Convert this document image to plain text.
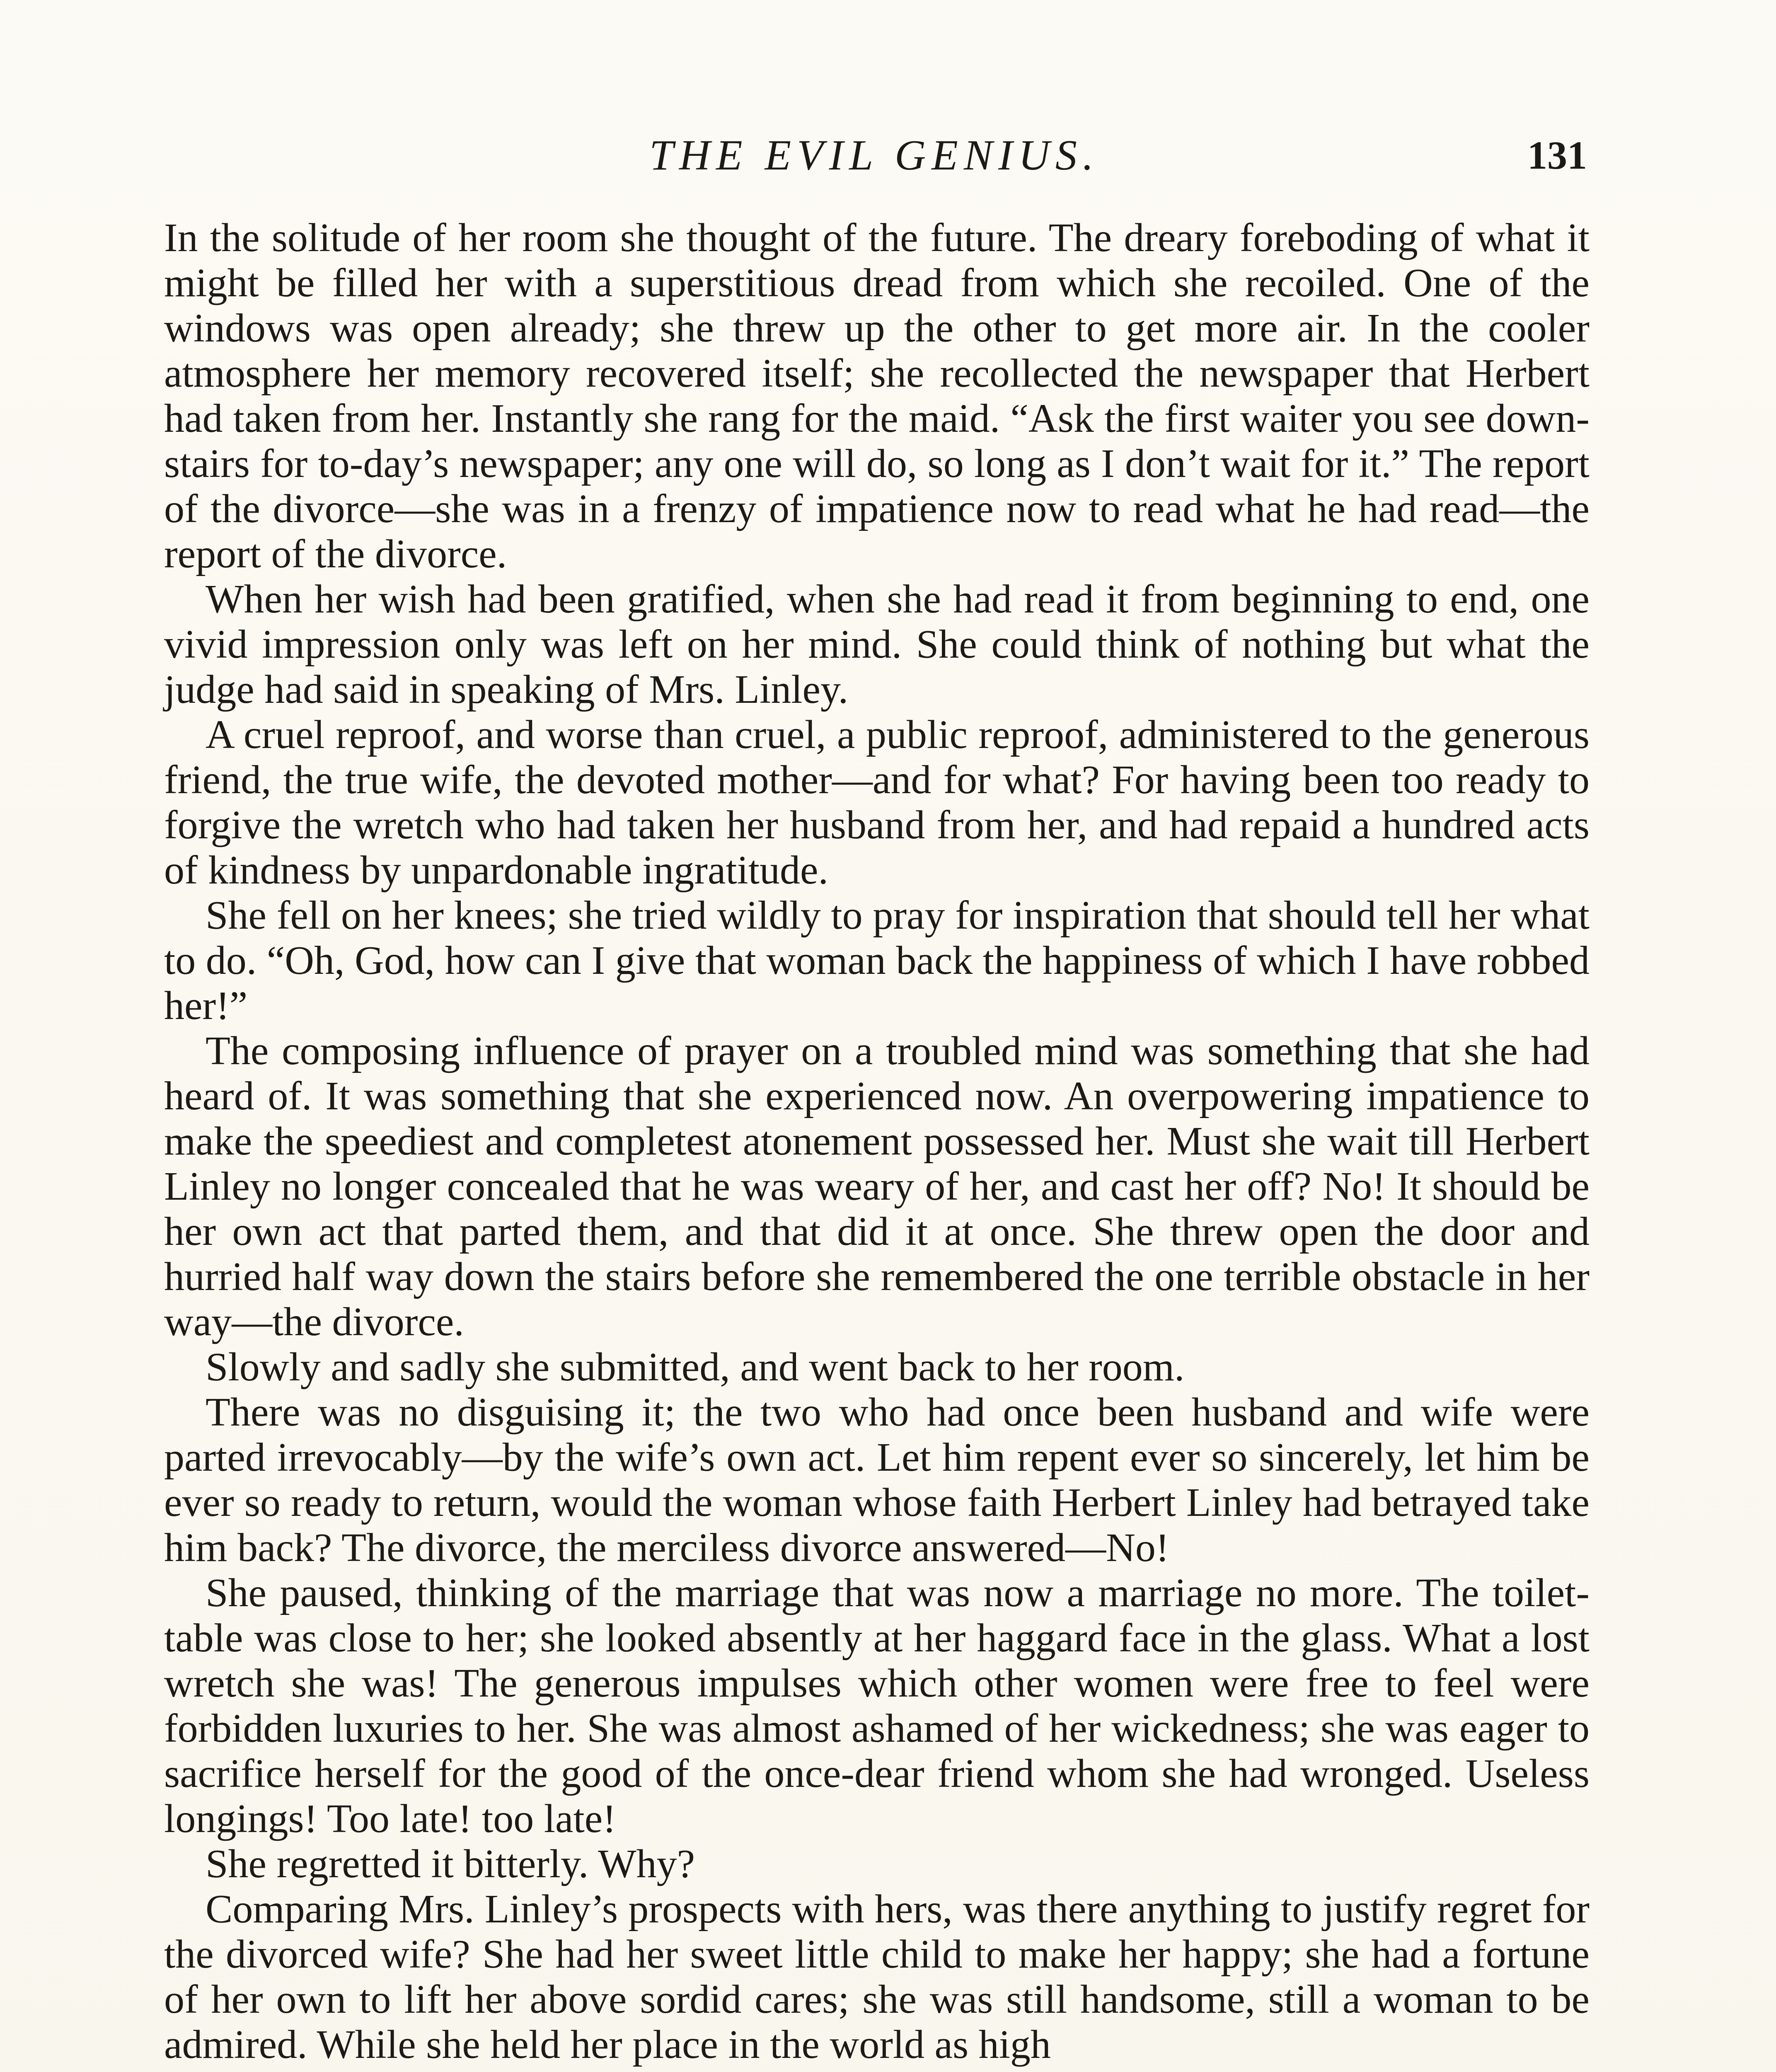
THE EVIL GENIUS.	131

In the solitude of her room she thought of the future. The dreary foreboding of what it might be filled her with a superstitious dread from which she recoiled. One of the windows was open already; she threw up the other to get more air. In the cooler atmosphere her memory recovered itself; she recollected the newspaper that Herbert had taken from her. Instantly she rang for the maid. “Ask the first waiter you see down-stairs for to-day’s newspaper; any one will do, so long as I don’t wait for it.” The report of the divorce—she was in a frenzy of impatience now to read what he had read—the report of the divorce.

When her wish had been gratified, when she had read it from beginning to end, one vivid impression only was left on her mind. She could think of nothing but what the judge had said in speaking of Mrs. Linley.

A cruel reproof, and worse than cruel, a public reproof, administered to the generous friend, the true wife, the devoted mother—and for what? For having been too ready to forgive the wretch who had taken her husband from her, and had repaid a hundred acts of kindness by unpardonable ingratitude.

She fell on her knees; she tried wildly to pray for inspiration that should tell her what to do. “Oh, God, how can I give that woman back the happiness of which I have robbed her!”

The composing influence of prayer on a troubled mind was something that she had heard of. It was something that she experienced now. An overpowering impatience to make the speediest and completest atonement possessed her. Must she wait till Herbert Linley no longer concealed that he was weary of her, and cast her off? No! It should be her own act that parted them, and that did it at once. She threw open the door and hurried half way down the stairs before she remembered the one terrible obstacle in her way—the divorce.

Slowly and sadly she submitted, and went back to her room.

There was no disguising it; the two who had once been husband and wife were parted irrevocably—by the wife’s own act. Let him repent ever so sincerely, let him be ever so ready to return, would the woman whose faith Herbert Linley had betrayed take him back? The divorce, the merciless divorce answered—No!

She paused, thinking of the marriage that was now a marriage no more. The toilet-table was close to her; she looked absently at her haggard face in the glass. What a lost wretch she was! The generous impulses which other women were free to feel were forbidden luxuries to her. She was almost ashamed of her wickedness; she was eager to sacrifice herself for the good of the once-dear friend whom she had wronged. Useless longings! Too late! too late!

She regretted it bitterly. Why?

Comparing Mrs. Linley’s prospects with hers, was there anything to justify regret for the divorced wife? She had her sweet little child to make her happy; she had a fortune of her own to lift her above sordid cares; she was still handsome, still a woman to be admired. While she held her place in the world as high
